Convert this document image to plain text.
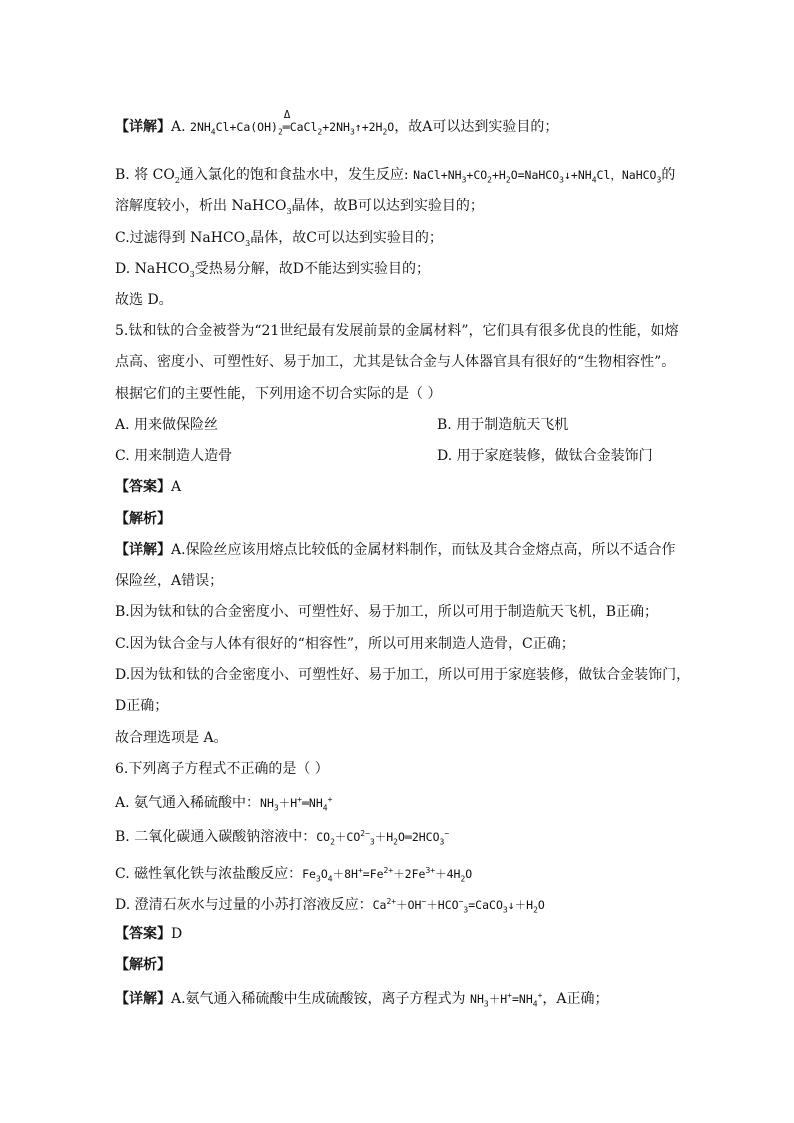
【详解】A. $2NH_4Cl+Ca(OH)_2$
Δ
$═CaCl_2+2NH_3↑+2H_2O$，故A可以达到实验目的；
B. 将 $CO_2$通入氯化的饱和食盐水中，发生反应: $NaCl+NH_3+CO_2+H_2O=NaHCO_3↓+NH_4Cl$，NaHCO$_3$的
溶解度较小，析出 NaHCO$_3$晶体，故B可以达到实验目的；
C.过滤得到 NaHCO$_3$晶体，故C可以达到实验目的；
D. NaHCO$_3$受热易分解，故D不能达到实验目的；
故选 D。
5.钛和钛的合金被誉为“21世纪最有发展前景的金属材料”，它们具有很多优良的性能，如熔
点高、密度小、可塑性好、易于加工，尤其是钛合金与人体器官具有很好的“生物相容性”。
根据它们的主要性能，下列用途不切合实际的是（ ）
A. 用来做保险丝	B. 用于制造航天飞机
C. 用来制造人造骨	D. 用于家庭装修，做钛合金装饰门
【答案】A
【解析】
【详解】A.保险丝应该用熔点比较低的金属材料制作，而钛及其合金熔点高，所以不适合作
保险丝，A错误；
B.因为钛和钛的合金密度小、可塑性好、易于加工，所以可用于制造航天飞机，B正确；
C.因为钛合金与人体有很好的“相容性”，所以可用来制造人造骨，C正确；
D.因为钛和钛的合金密度小、可塑性好、易于加工，所以可用于家庭装修，做钛合金装饰门，
D正确；
故合理选项是 A。
6.下列离子方程式不正确的是（ ）
A. 氨气通入稀硫酸中：$NH_3+H^+═NH_4^+$
B. 二氧化碳通入碳酸钠溶液中：$CO_2+CO^{2-}_3+H_2O═2HCO_3^-$
C. 磁性氧化铁与浓盐酸反应：$Fe_3O_4+8H^+=Fe^{2+}+2Fe^{3+}+4H_2O$
D. 澄清石灰水与过量的小苏打溶液反应：$Ca^{2+}+OH^-+HCO^-_3=CaCO_3↓+H_2O$
【答案】D
【解析】
【详解】A.氨气通入稀硫酸中生成硫酸铵，离子方程式为 $NH_3+H^+=NH_4^+$，A正确；
